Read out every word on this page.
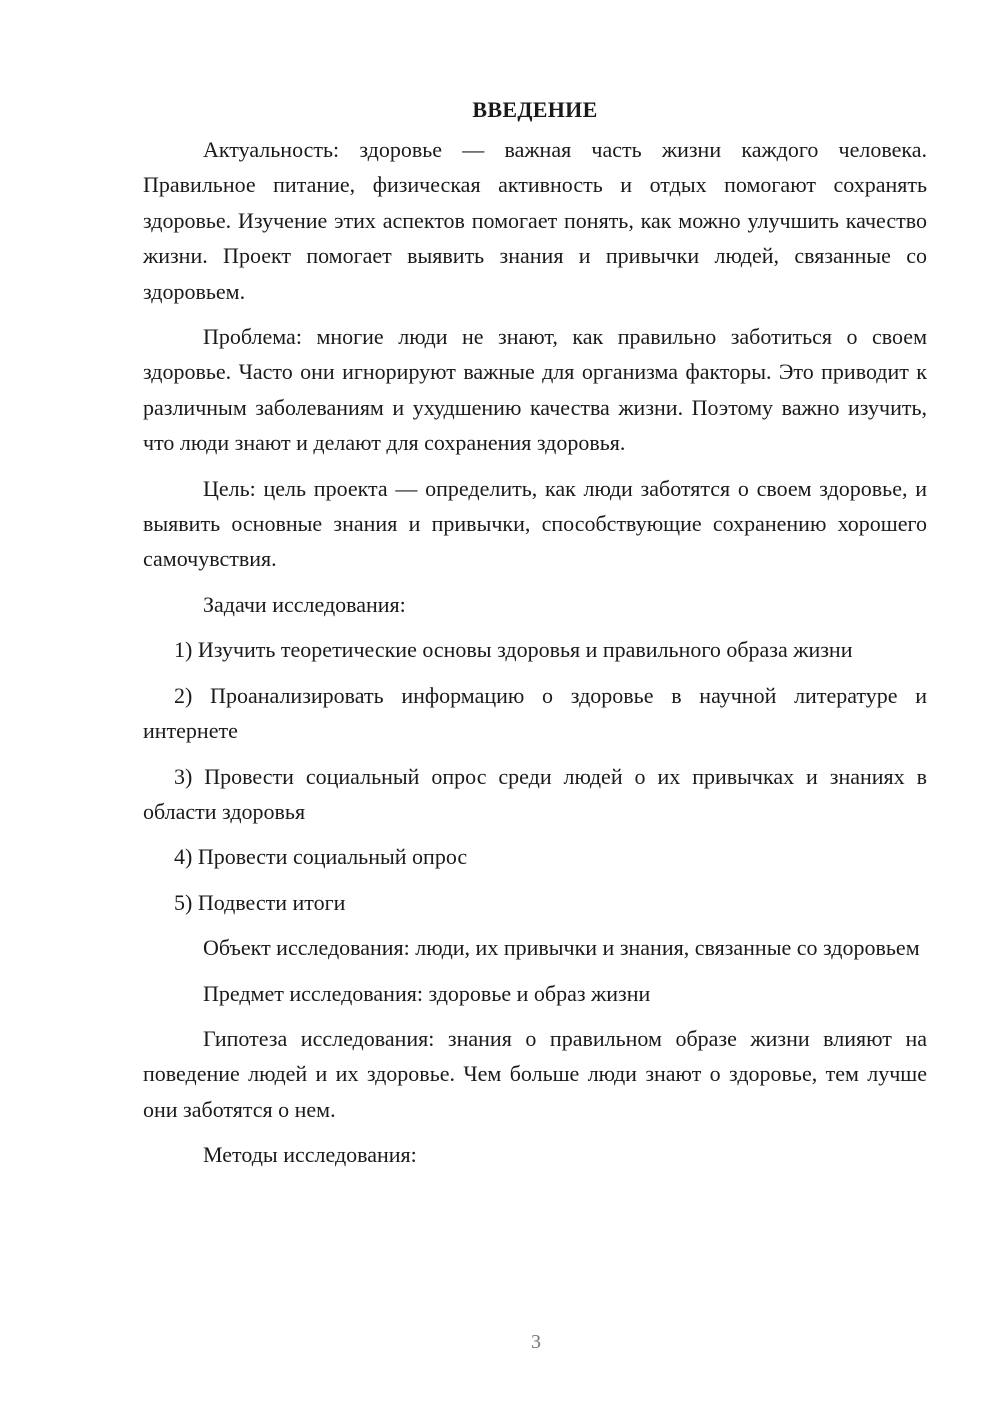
ВВЕДЕНИЕ

Актуальность: здоровье — важная часть жизни каждого человека. Правильное питание, физическая активность и отдых помогают сохранять здоровье. Изучение этих аспектов помогает понять, как можно улучшить качество жизни. Проект помогает выявить знания и привычки людей, связанные со здоровьем.

Проблема: многие люди не знают, как правильно заботиться о своем здоровье. Часто они игнорируют важные для организма факторы. Это приводит к различным заболеваниям и ухудшению качества жизни. Поэтому важно изучить, что люди знают и делают для сохранения здоровья.

Цель: цель проекта — определить, как люди заботятся о своем здоровье, и выявить основные знания и привычки, способствующие сохранению хорошего самочувствия.

Задачи исследования:

1) Изучить теоретические основы здоровья и правильного образа жизни

2) Проанализировать информацию о здоровье в научной литературе и интернете

3) Провести социальный опрос среди людей о их привычках и знаниях в области здоровья

4) Провести социальный опрос

5) Подвести итоги

Объект исследования: люди, их привычки и знания, связанные со здоровьем

Предмет исследования: здоровье и образ жизни

Гипотеза исследования: знания о правильном образе жизни влияют на поведение людей и их здоровье. Чем больше люди знают о здоровье, тем лучше они заботятся о нем.

Методы исследования:

3
